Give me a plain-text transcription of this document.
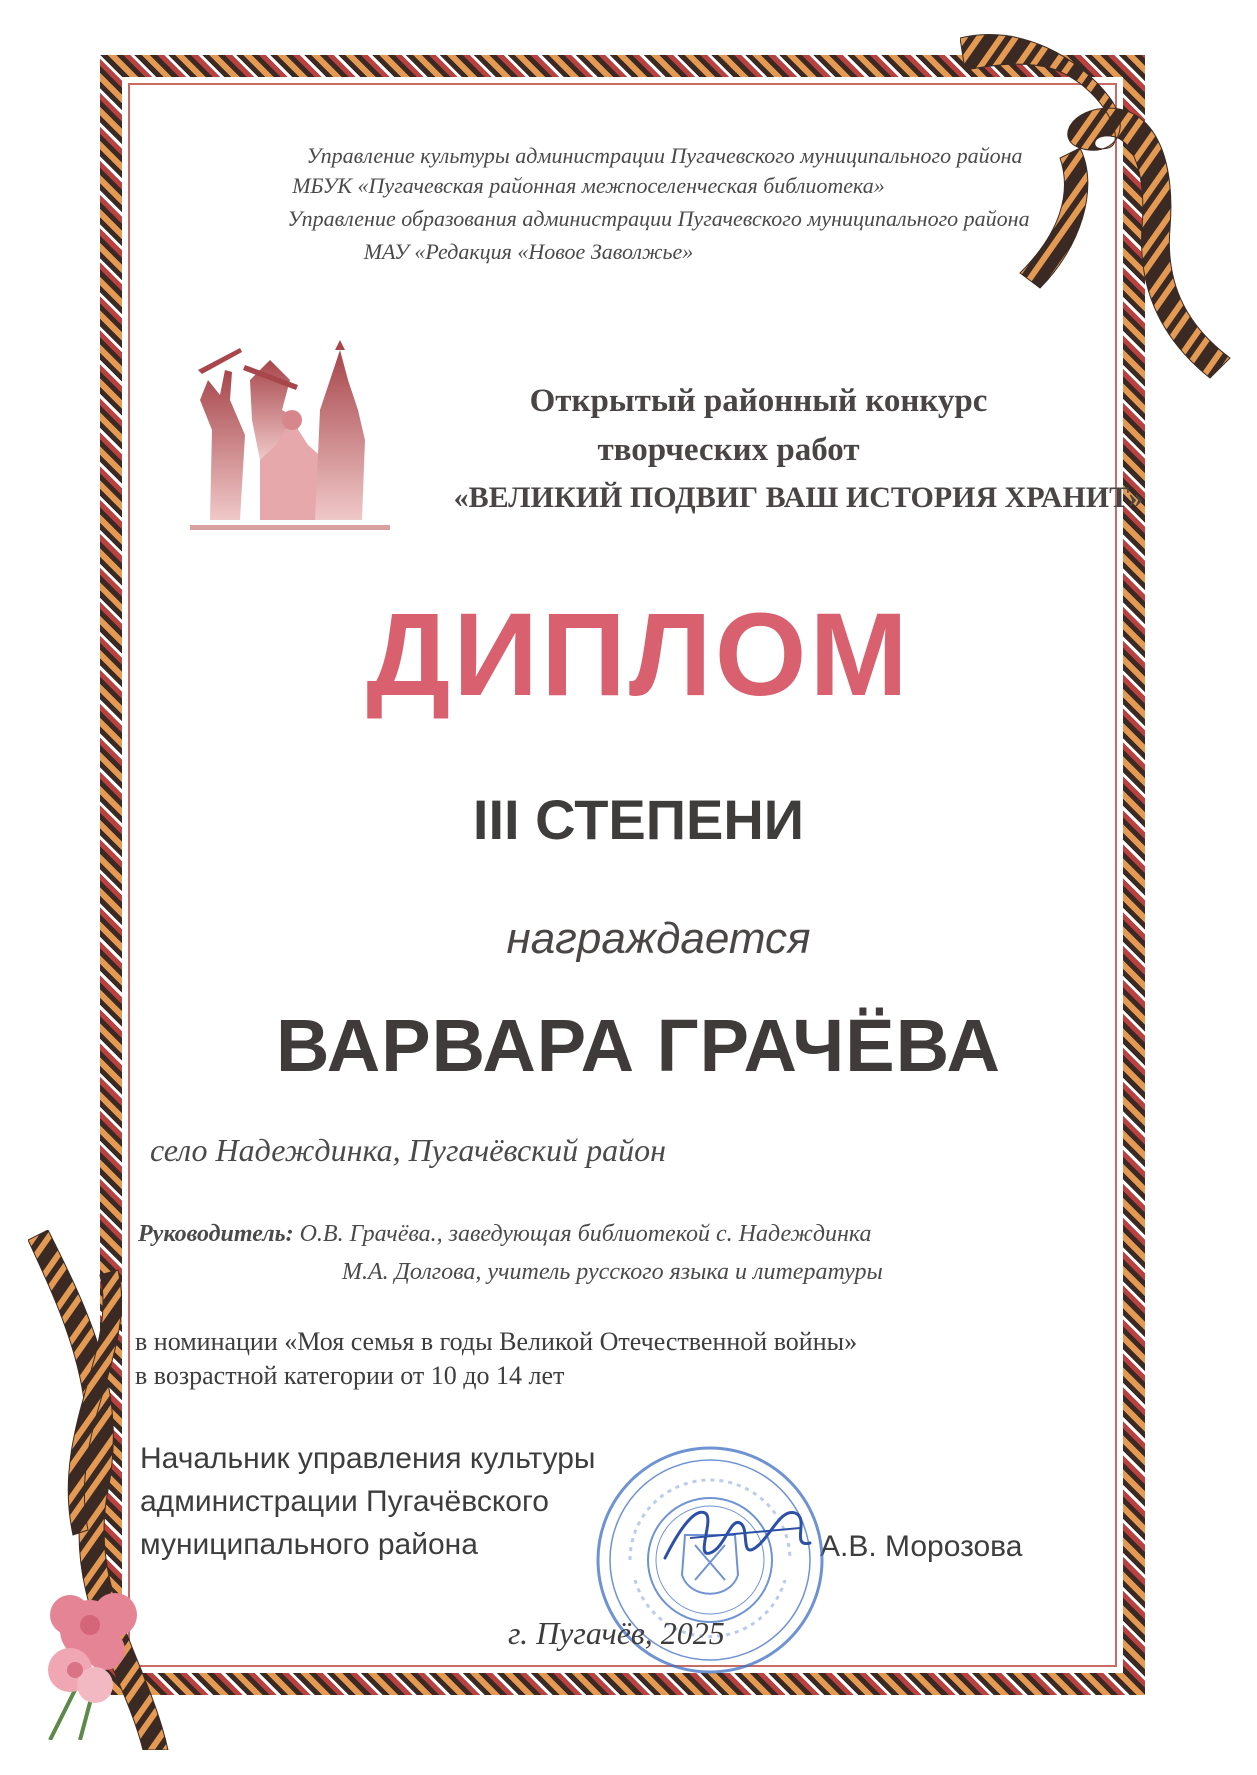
Управление культуры администрации Пугачевского муниципального района

МБУК «Пугачевская районная межпоселенческая библиотека»

Управление образования администрации Пугачевского муниципального района

МАУ «Редакция «Новое Заволжье»

Открытый районный конкурс

творческих работ

«ВЕЛИКИЙ ПОДВИГ ВАШ ИСТОРИЯ ХРАНИТ»

ДИПЛОМ

III СТЕПЕНИ

награждается

ВАРВАРА ГРАЧЁВА

село Надеждинка, Пугачёвский район
Руководитель: О.В. Грачёва., заведующая библиотекой с. Надеждинка
М.А. Долгова, учитель русского языка и литературы
в номинации «Моя семья в годы Великой Отечественной войны»
в возрастной категории от 10 до 14 лет
Начальник управления культуры
администрации Пугачёвского
муниципального района	А.В. Морозова
г. Пугачёв, 2025
